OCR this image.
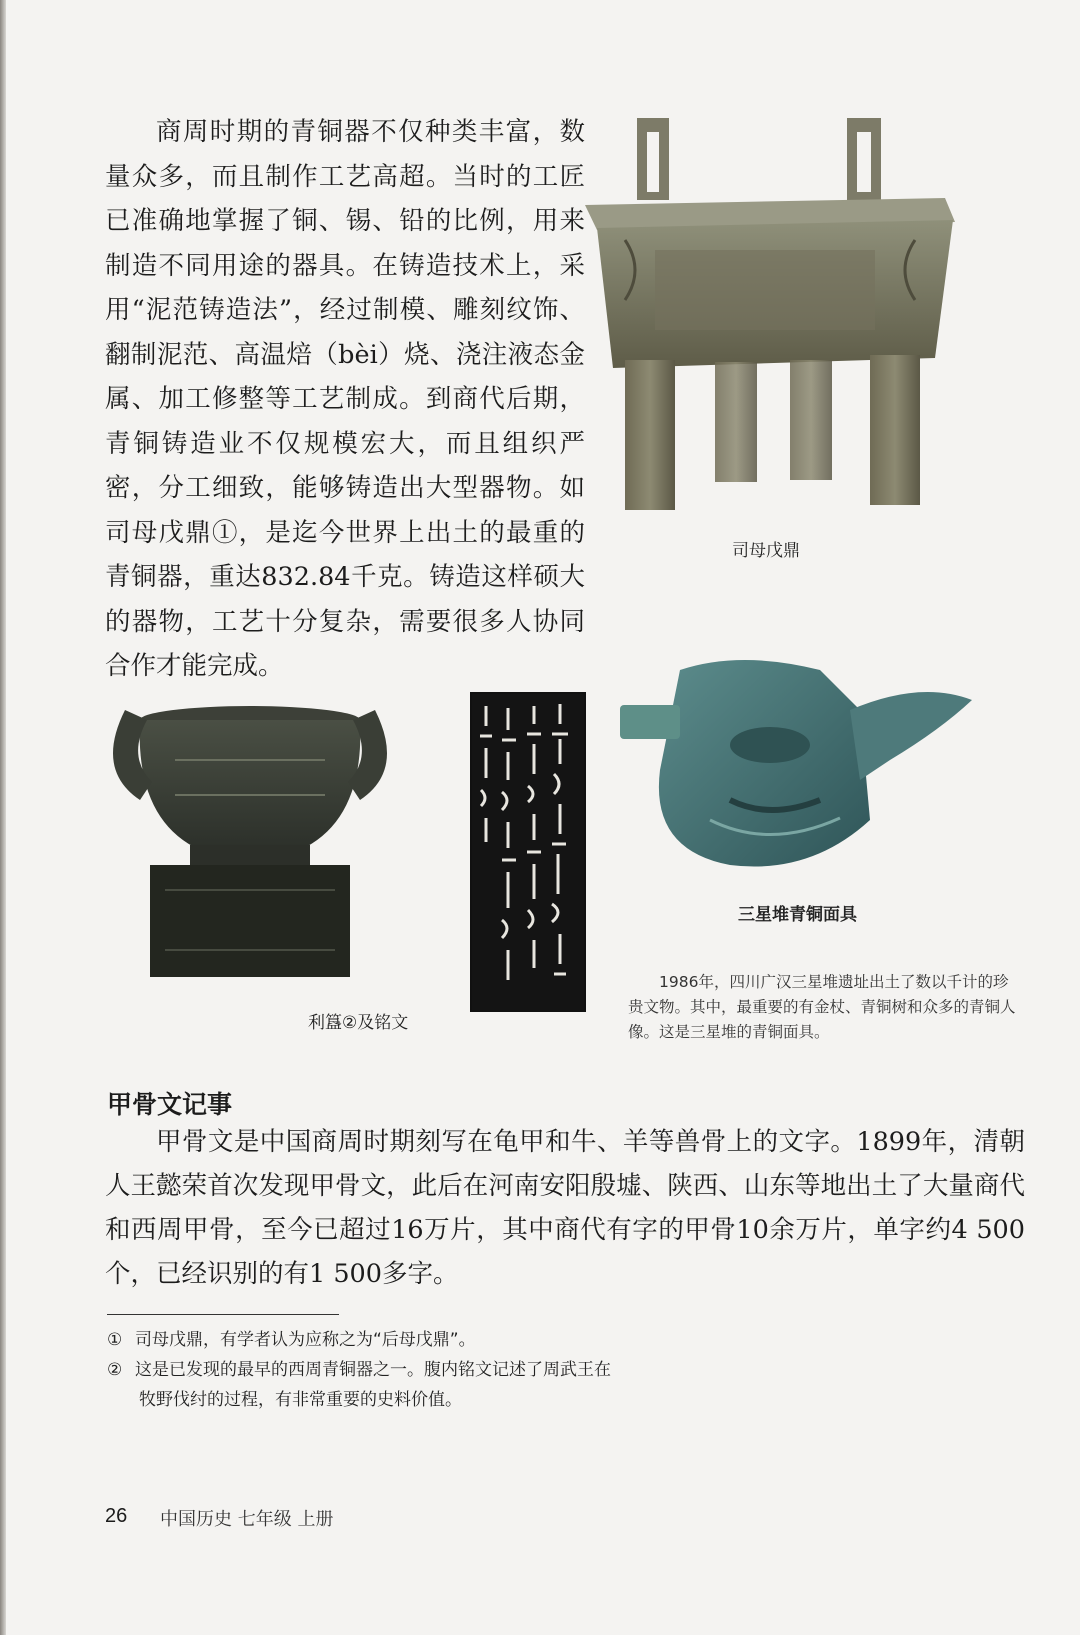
商周时期的青铜器不仅种类丰富，数量众多，而且制作工艺高超。当时的工匠已准确地掌握了铜、锡、铅的比例，用来制造不同用途的器具。在铸造技术上，采用“泥范铸造法”，经过制模、雕刻纹饰、翻制泥范、高温焙（bèi）烧、浇注液态金属、加工修整等工艺制成。到商代后期，青铜铸造业不仅规模宏大，而且组织严密，分工细致，能够铸造出大型器物。如司母戊鼎①，是迄今世界上出土的最重的青铜器，重达832.84千克。铸造这样硕大的器物，工艺十分复杂，需要很多人协同合作才能完成。

司母戊鼎
利簋②及铭文
三星堆青铜面具
1986年，四川广汉三星堆遗址出土了数以千计的珍贵文物。其中，最重要的有金杖、青铜树和众多的青铜人像。这是三星堆的青铜面具。
甲骨文记事

甲骨文是中国商周时期刻写在龟甲和牛、羊等兽骨上的文字。1899年，清朝人王懿荣首次发现甲骨文，此后在河南安阳殷墟、陕西、山东等地出土了大量商代和西周甲骨，至今已超过16万片，其中商代有字的甲骨10余万片，单字约4 500个，已经识别的有1 500多字。

① 司母戊鼎，有学者认为应称之为“后母戊鼎”。
② 这是已发现的最早的西周青铜器之一。腹内铭文记述了周武王在
牧野伐纣的过程，有非常重要的史料价值。
26 中国历史 七年级 上册
